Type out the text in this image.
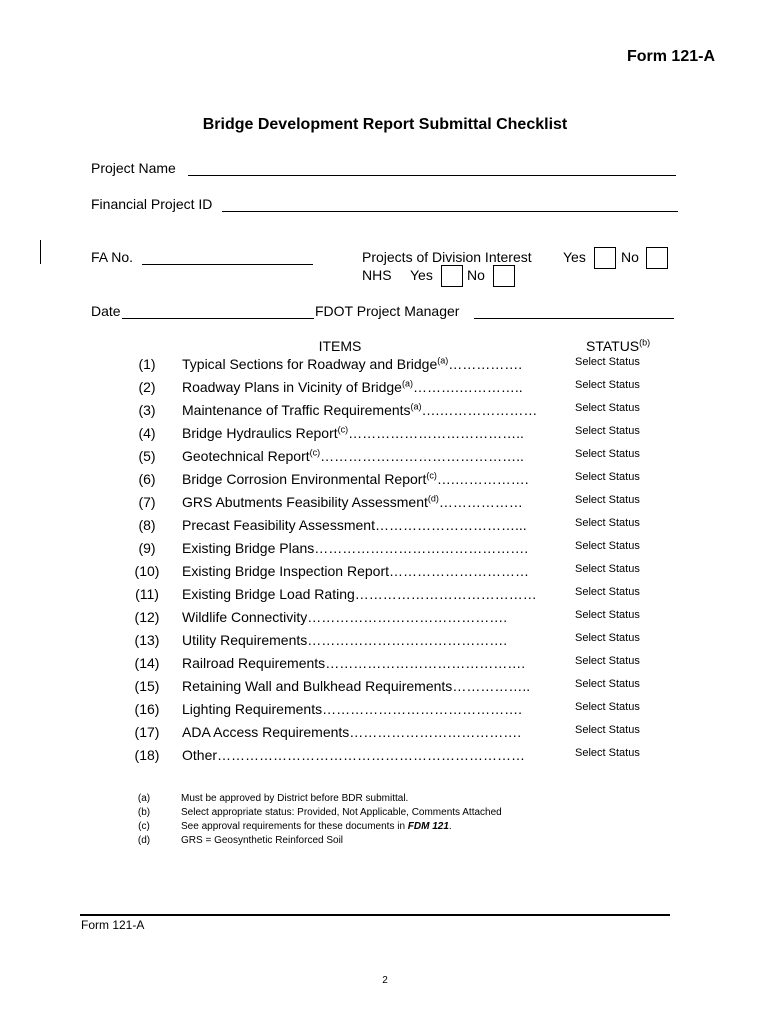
Form 121-A
Bridge Development Report Submittal Checklist
Project Name
Financial Project ID
FA No.	Projects of Division Interest Yes	No
NHS Yes No
Date	FDOT Project Manager
ITEMS	STATUS$^{(b)}$
(1)	Typical Sections for Roadway and Bridge$^{(a)}$…………….	Select Status
(2)	Roadway Plans in Vicinity of Bridge$^{(a)}$……….…………..	Select Status
(3)	Maintenance of Traffic Requirements$^{(a)}$….…………………	Select Status
(4)	Bridge Hydraulics Report$^{(c)}$………………………………..	Select Status
(5)	Geotechnical Report$^{(c)}$……………………………………..	Select Status
(6)	Bridge Corrosion Environmental Report$^{(c)}$….…………….	Select Status
(7)	GRS Abutments Feasibility Assessment$^{(d)}$………………	Select Status
(8)	Precast Feasibility Assessment…………………………...	Select Status
(9)	Existing Bridge Plans……………………………………….	Select Status
(10) Existing Bridge Inspection Report…………………………	Select Status
(11) Existing Bridge Load Rating…………………………………	Select Status
(12) Wildlife Connectivity…………………………………….	Select Status
(13) Utility Requirements…………………………………….	Select Status
(14) Railroad Requirements…………………………………….	Select Status
(15) Retaining Wall and Bulkhead Requirements……………..	Select Status
(16) Lighting Requirements…………………………………….	Select Status
(17) ADA Access Requirements……………………………….	Select Status
(18) Other…………………………………………………………	Select Status
(a)	Must be approved by District before BDR submittal.
(b)	Select appropriate status: Provided, Not Applicable, Comments Attached
(c)	See approval requirements for these documents in FDM 121.
(d)	GRS = Geosynthetic Reinforced Soil
Form 121-A
2
